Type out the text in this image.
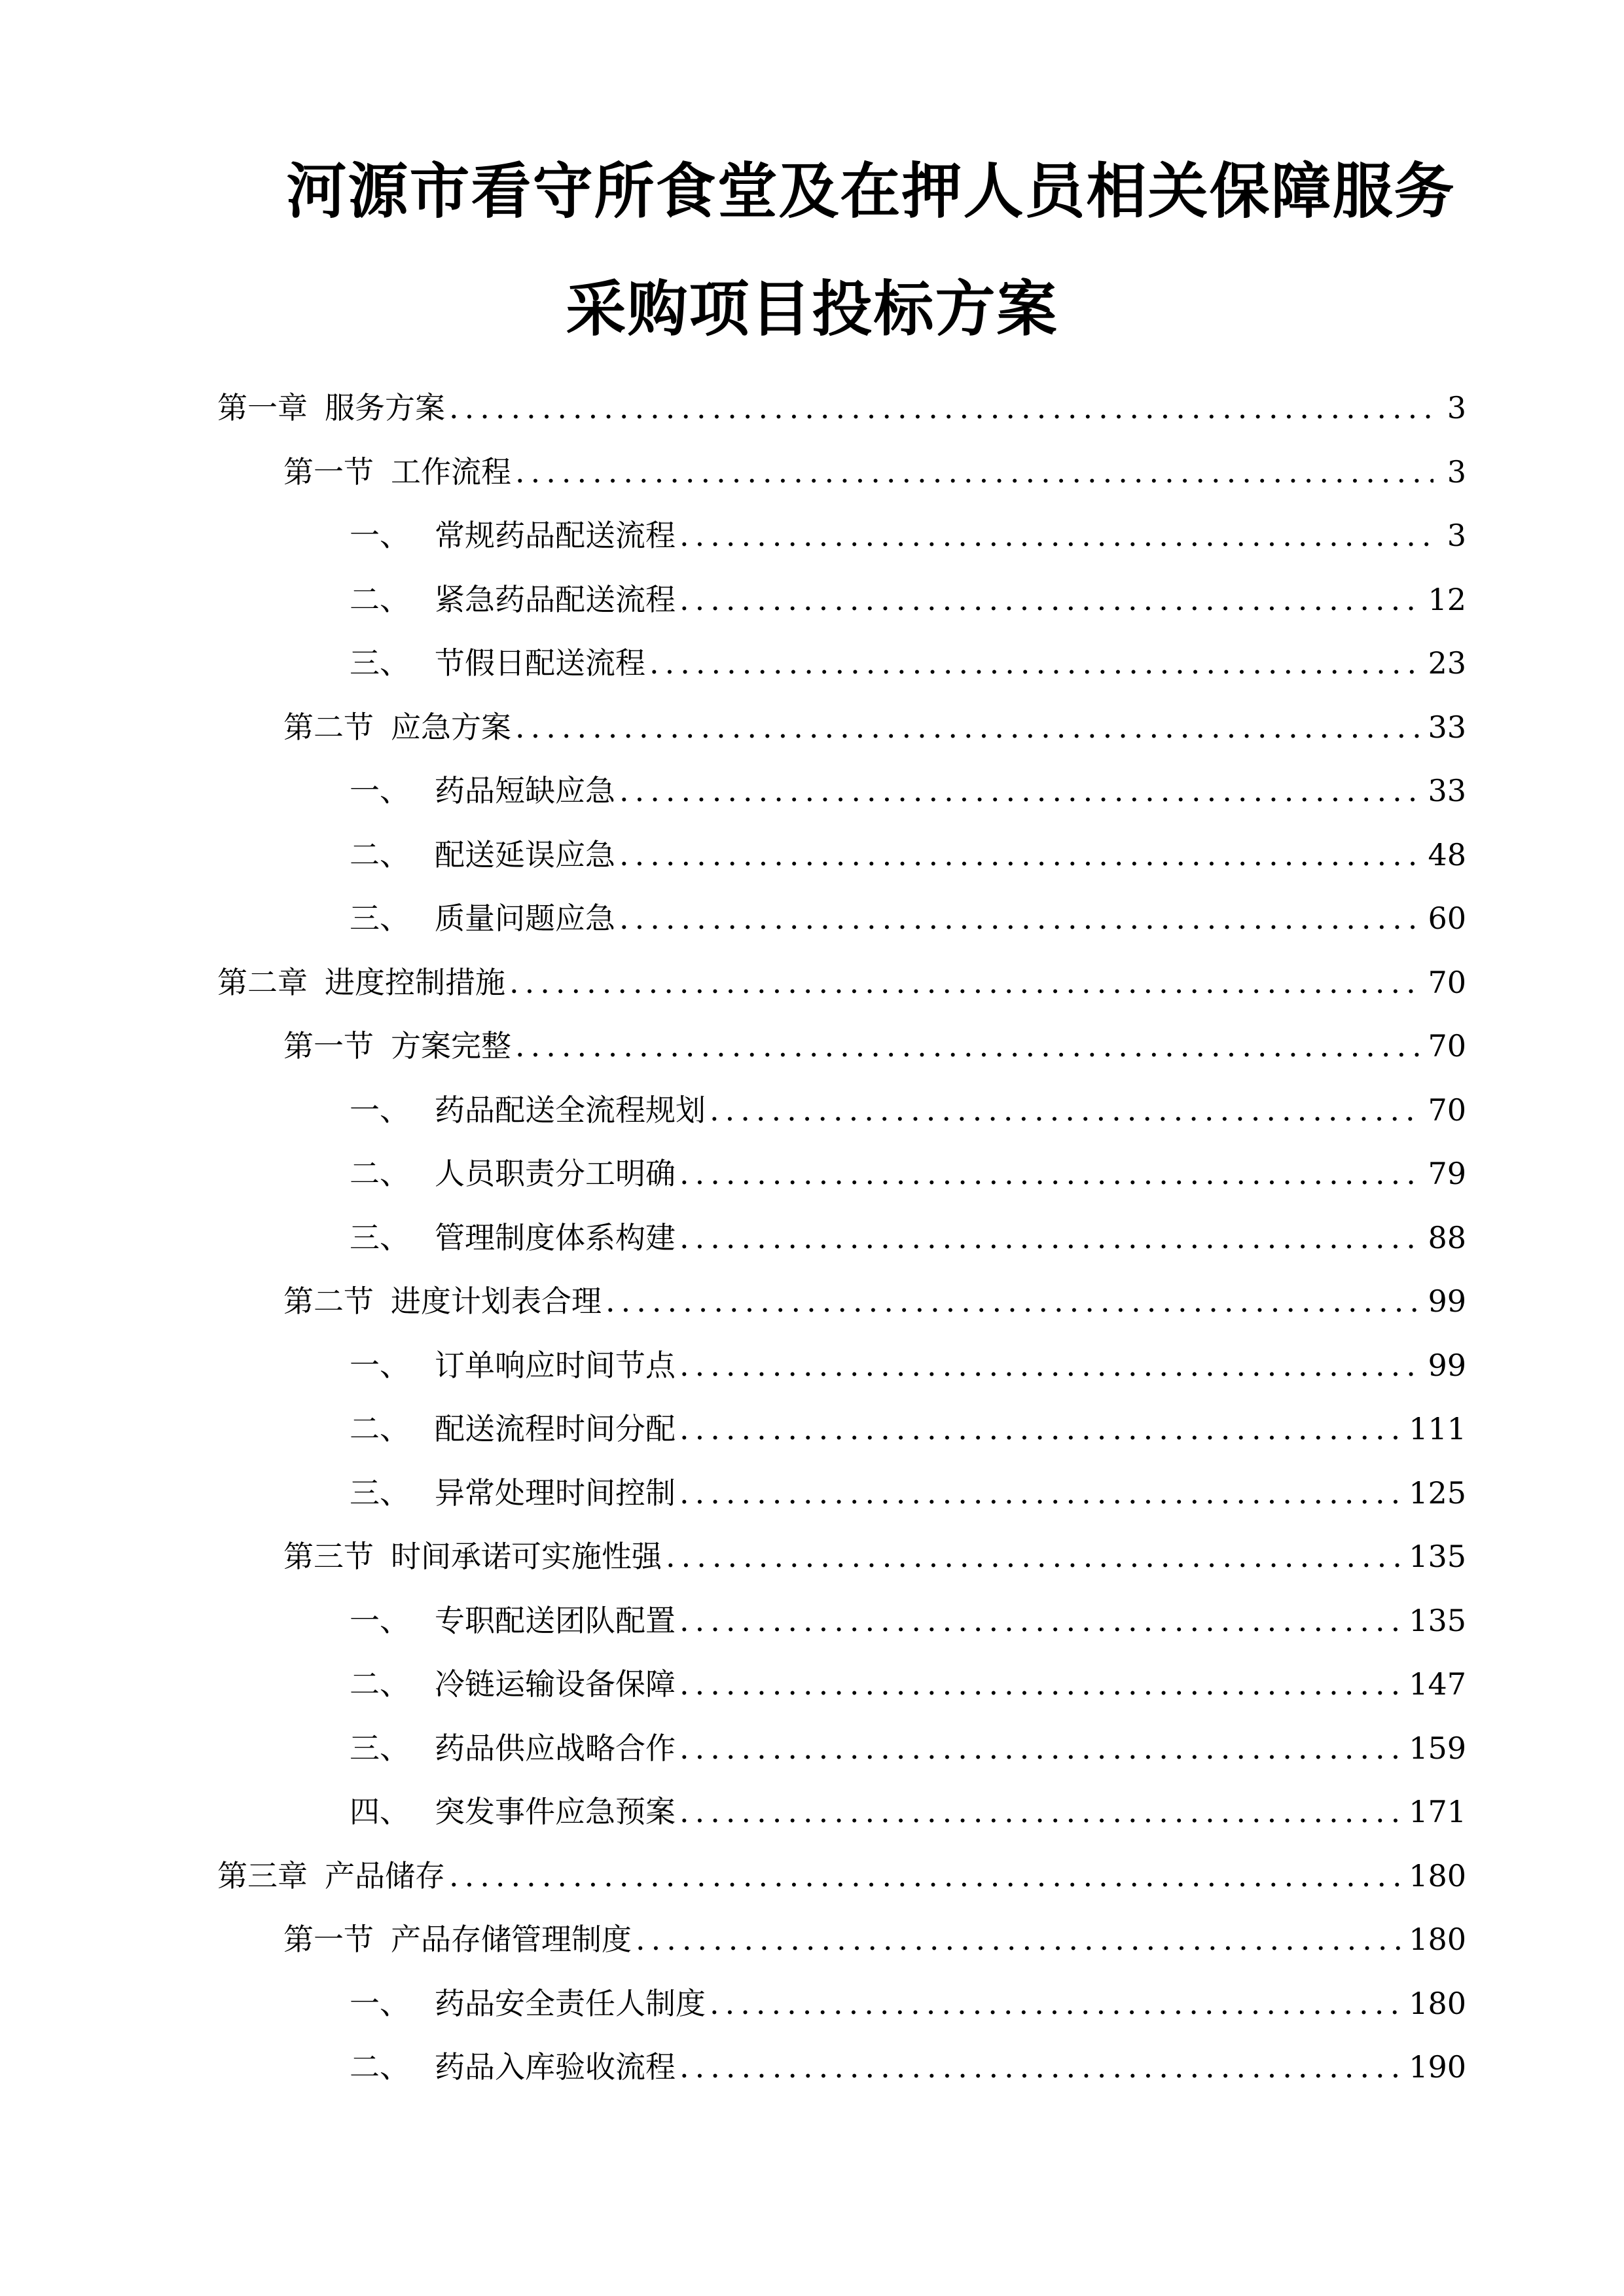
河源市看守所食堂及在押人员相关保障服务
采购项目投标方案
第一章 服务方案 .....	3
第一节 工作流程 .....	3
一、 常规药品配送流程 .....	3
二、 紧急药品配送流程 .....	12
三、 节假日配送流程 .....	23
第二节 应急方案 .....	33
一、 药品短缺应急 .....	33
二、 配送延误应急 .....	48
三、 质量问题应急 .....	60
第二章 进度控制措施 .....	70
第一节 方案完整 .....	70
一、 药品配送全流程规划 .....	70
二、 人员职责分工明确 .....	79
三、 管理制度体系构建 .....	88
第二节 进度计划表合理 .....	99
一、 订单响应时间节点 .....	99
二、 配送流程时间分配 .....	111
三、 异常处理时间控制 .....	125
第三节 时间承诺可实施性强 .....	135
一、 专职配送团队配置 .....	135
二、 冷链运输设备保障 .....	147
三、 药品供应战略合作 .....	159
四、 突发事件应急预案 .....	171
第三章 产品储存 .....	180
第一节 产品存储管理制度 .....	180
一、 药品安全责任人制度 .....	180
二、 药品入库验收流程 .....	190
